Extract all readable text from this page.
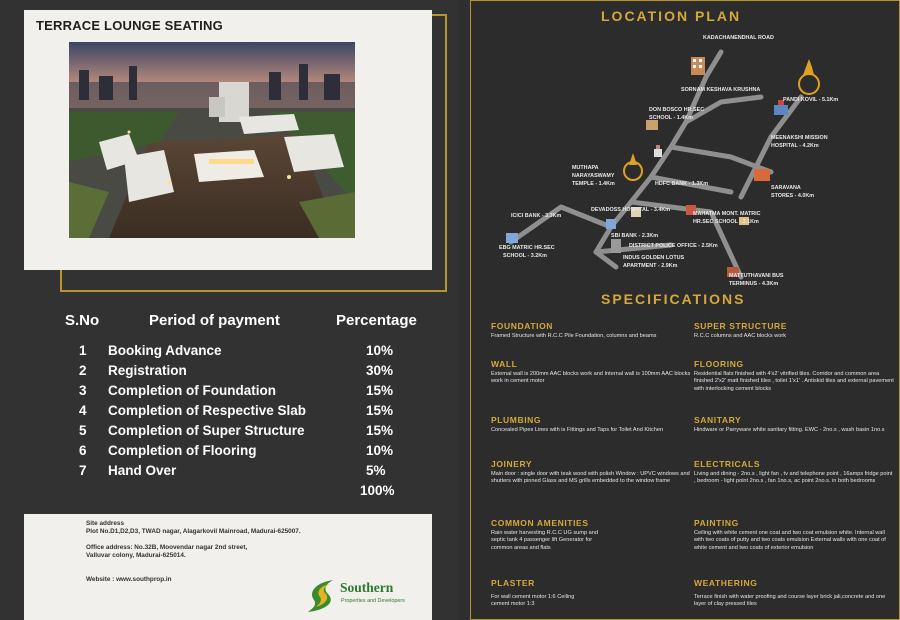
TERRACE LOUNGE SEATING
S.No	Period of payment	Percentage
1 Booking Advance	10%
2 Registration	30%
3 Completion of Foundation	15%
4 Completion of Respective Slab	15%
5 Completion of Super Structure	15%
6 Completion of Flooring	10%
7 Hand Over	5%
100%

Site address

Plot No.D1,D2,D3, TWAD nagar, Alagarkovil Mainroad, Madurai-625007.

Office address: No.32B, Moovendar nagar 2nd street,

Valluvar colony, Madurai-625014.

Website : www.southprop.in

Southern
Properties and Developers
LOCATION PLAN
KADACHANENDHAL ROAD
SORNAM KESHAVA KRUSHNA
DON BOSCO HR.SEC
SCHOOL - 1.4Km
PANDI KOVIL - 5.1Km
MEENAKSHI MISSION
HOSPITAL - 4.2Km
MUTHAPA
NARAYASWAMY
TEMPLE - 1.4Km	HDFC BANK - 1.3Km
SARAVANA
STORES - 4.0Km
DEVADOSS HOSPITAL - 3.4Km
MAHATMA MONT. MATRIC
HR.SEC SCHOOL - 3.1Km
ICICI BANK - 3.3Km
SBI BANK - 2.3Km
DISTRICT POLICE OFFICE - 2.5Km
EBG MATRIC HR.SEC
SCHOOL - 3.2Km	INDUS GOLDEN LOTUS
APARTMENT - 2.9Km
MATTUTHAVANI BUS
TERMINUS - 4.3Km
SPECIFICATIONS
FOUNDATION
Framed Structure with R.C.C Pile Foundation, columns and beams
SUPER STRUCTURE
R.C.C columns and AAC blocks work
WALL
External wall is 200mm AAC blocks work and Internal wall is 100mm AAC blocks work in cement motor
FLOORING
Residential flats finished with 4'x2' vitrified tiles. Corridor and common area finished 2'x2' matt finished tiles , toilet 1'x1' . Antiskid tiles and external pavement with interlocking cement blocks
PLUMBING
Concealed Pipes Lines with is Fittings and Taps for Toilet And Kitchen
SANITARY
Hindware or Parryware white sanitary fitting. EWC - 2no.s , wash basin 1no.s
JOINERY
Main door : single door with teak wood with polish Window : UPVC windows and shutters with pinned Glass and MS grills embedded to the window frame
ELECTRICALS
Living and dining - 2no.s , light fan , tv and telephone point , 16amps fridge point , bedroom - light point 2no.s , fan 1no.s, ac point 2no.s. in both bedrooms
COMMON AMENITIES
Rain water harvesting R.C.C UG sump and septic tank 4 passenger lift Generator for common areas and flats
PAINTING
Ceiling with white cement one coat and two coat emulsion white. Internal wall with two coats of putty and two coats emulsion External walls with one coat of white cement and two coats of exterior emulsion
PLASTER
For wall cement motor 1:6 Ceiling cement motor 1:3
WEATHERING
Terrace finish with water proofing and course layer brick jali,concrete and one layer of clay pressed tiles
